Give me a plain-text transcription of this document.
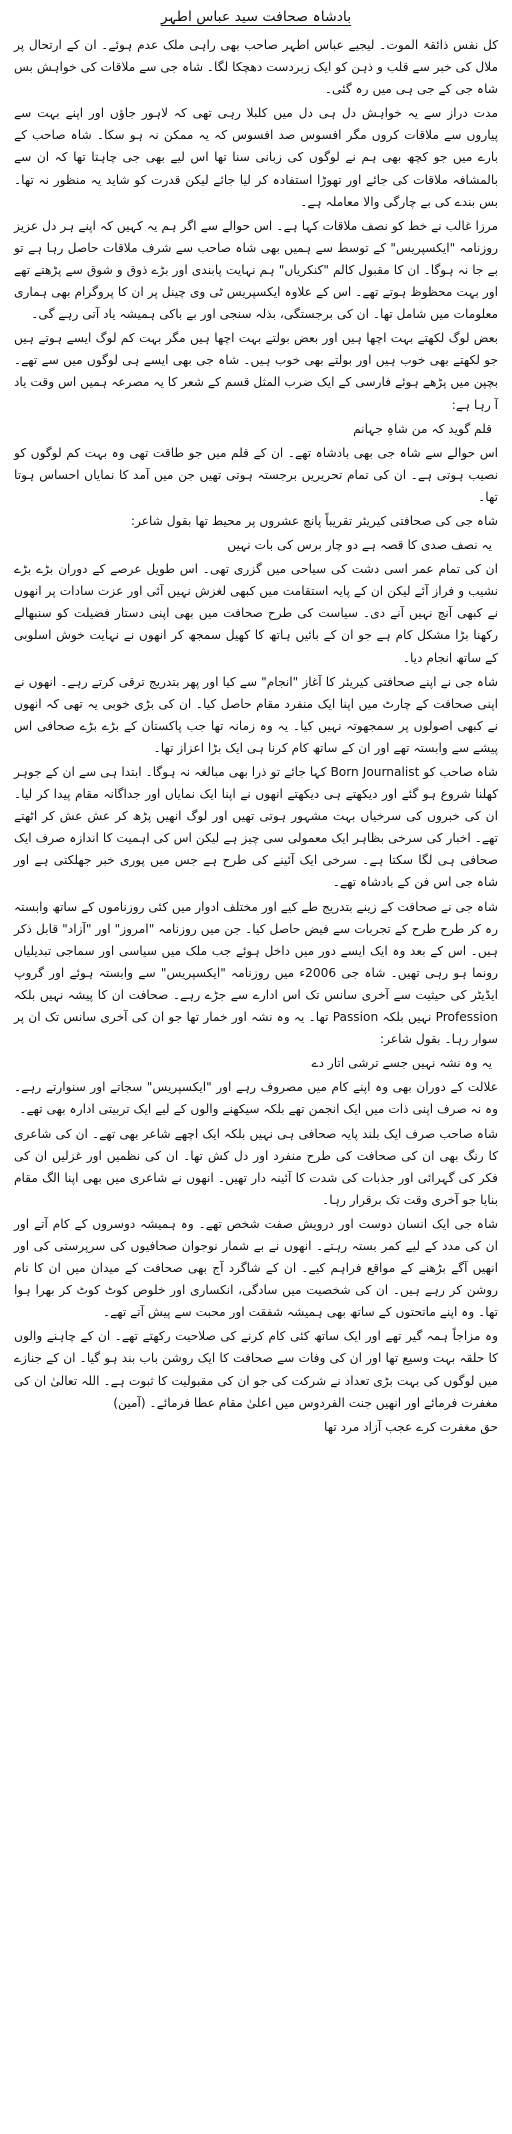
بادشاہ صحافت سید عباس اطہر

کل نفس ذائقۃ الموت۔ لیجیے عباس اطہر صاحب بھی راہی ملک عدم ہوئے۔ ان کے ارتحال پر ملال کی خبر سے قلب و ذہن کو ایک زبردست دھچکا لگا۔ شاہ جی سے ملاقات کی خواہش بس شاہ جی کے جی ہی میں رہ گئی۔

مدت دراز سے یہ خواہش دل ہی دل میں کلبلا رہی تھی کہ لاہور جاؤں اور اپنے بہت سے پیاروں سے ملاقات کروں مگر افسوس صد افسوس کہ یہ ممکن نہ ہو سکا۔ شاہ صاحب کے بارے میں جو کچھ بھی ہم نے لوگوں کی زبانی سنا تھا اس لیے بھی جی چاہتا تھا کہ ان سے بالمشافہ ملاقات کی جائے اور تھوڑا استفادہ کر لیا جائے لیکن قدرت کو شاید یہ منظور نہ تھا۔ بس بندے کی بے چارگی والا معاملہ ہے۔

مرزا غالب نے خط کو نصف ملاقات کہا ہے۔ اس حوالے سے اگر ہم یہ کہیں کہ اپنے ہر دل عزیز روزنامہ "ایکسپریس" کے توسط سے ہمیں بھی شاہ صاحب سے شرف ملاقات حاصل رہا ہے تو بے جا نہ ہوگا۔ ان کا مقبول کالم "کنکریاں" ہم نہایت پابندی اور بڑے ذوق و شوق سے پڑھتے تھے اور بہت محظوظ ہوتے تھے۔ اس کے علاوہ ایکسپریس ٹی وی چینل پر ان کا پروگرام بھی ہماری معلومات میں شامل تھا۔ ان کی برجستگی، بذلہ سنجی اور بے باکی ہمیشہ یاد آتی رہے گی۔

بعض لوگ لکھتے بہت اچھا ہیں اور بعض بولتے بہت اچھا ہیں مگر بہت کم لوگ ایسے ہوتے ہیں جو لکھتے بھی خوب ہیں اور بولتے بھی خوب ہیں۔ شاہ جی بھی ایسے ہی لوگوں میں سے تھے۔ بچپن میں پڑھے ہوئے فارسی کے ایک ضرب المثل قسم کے شعر کا یہ مصرعہ ہمیں اس وقت یاد آ رہا ہے:

قلم گوید کہ من شاہِ جہانم

اس حوالے سے شاہ جی بھی بادشاہ تھے۔ ان کے قلم میں جو طاقت تھی وہ بہت کم لوگوں کو نصیب ہوتی ہے۔ ان کی تمام تحریریں برجستہ ہوتی تھیں جن میں آمد کا نمایاں احساس ہوتا تھا۔

شاہ جی کی صحافتی کیریئر تقریباً پانچ عشروں پر محیط تھا بقول شاعر:

یہ نصف صدی کا قصہ ہے دو چار برس کی بات نہیں

ان کی تمام عمر اسی دشت کی سیاحی میں گزری تھی۔ اس طویل عرصے کے دوران بڑے بڑے نشیب و فراز آئے لیکن ان کے پایہ استقامت میں کبھی لغزش نہیں آئی اور عزت سادات پر انھوں نے کبھی آنچ نہیں آنے دی۔ سیاست کی طرح صحافت میں بھی اپنی دستار فضیلت کو سنبھالے رکھنا بڑا مشکل کام ہے جو ان کے بائیں ہاتھ کا کھیل سمجھ کر انھوں نے نہایت خوش اسلوبی کے ساتھ انجام دیا۔

شاہ جی نے اپنے صحافتی کیریئر کا آغاز "انجام" سے کیا اور پھر بتدریج ترقی کرتے رہے۔ انھوں نے اپنی صحافت کے چارٹ میں اپنا ایک منفرد مقام حاصل کیا۔ ان کی بڑی خوبی یہ تھی کہ انھوں نے کبھی اصولوں پر سمجھوتہ نہیں کیا۔ یہ وہ زمانہ تھا جب پاکستان کے بڑے بڑے صحافی اس پیشے سے وابستہ تھے اور ان کے ساتھ کام کرنا ہی ایک بڑا اعزاز تھا۔

شاہ صاحب کو Born Journalist کہا جائے تو ذرا بھی مبالغہ نہ ہوگا۔ ابتدا ہی سے ان کے جوہر کھلنا شروع ہو گئے اور دیکھتے ہی دیکھتے انھوں نے اپنا ایک نمایاں اور جداگانہ مقام پیدا کر لیا۔ ان کی خبروں کی سرخیاں بہت مشہور ہوتی تھیں اور لوگ انھیں پڑھ کر عش عش کر اٹھتے تھے۔ اخبار کی سرخی بظاہر ایک معمولی سی چیز ہے لیکن اس کی اہمیت کا اندازہ صرف ایک صحافی ہی لگا سکتا ہے۔ سرخی ایک آئینے کی طرح ہے جس میں پوری خبر جھلکتی ہے اور شاہ جی اس فن کے بادشاہ تھے۔

شاہ جی نے صحافت کے زینے بتدریج طے کیے اور مختلف ادوار میں کئی روزناموں کے ساتھ وابستہ رہ کر طرح طرح کے تجربات سے فیض حاصل کیا۔ جن میں روزنامہ "امروز" اور "آزاد" قابل ذکر ہیں۔ اس کے بعد وہ ایک ایسے دور میں داخل ہوئے جب ملک میں سیاسی اور سماجی تبدیلیاں رونما ہو رہی تھیں۔ شاہ جی 2006ء میں روزنامہ "ایکسپریس" سے وابستہ ہوئے اور گروپ ایڈیٹر کی حیثیت سے آخری سانس تک اس ادارے سے جڑے رہے۔ صحافت ان کا پیشہ نہیں بلکہ Profession نہیں بلکہ Passion تھا۔ یہ وہ نشہ اور خمار تھا جو ان کی آخری سانس تک ان پر سوار رہا۔ بقول شاعر:

یہ وہ نشہ نہیں جسے ترشی اتار دے

علالت کے دوران بھی وہ اپنے کام میں مصروف رہے اور "ایکسپریس" سجاتے اور سنوارتے رہے۔ وہ نہ صرف اپنی ذات میں ایک انجمن تھے بلکہ سیکھنے والوں کے لیے ایک تربیتی ادارہ بھی تھے۔

شاہ صاحب صرف ایک بلند پایہ صحافی ہی نہیں بلکہ ایک اچھے شاعر بھی تھے۔ ان کی شاعری کا رنگ بھی ان کی صحافت کی طرح منفرد اور دل کش تھا۔ ان کی نظمیں اور غزلیں ان کی فکر کی گہرائی اور جذبات کی شدت کا آئینہ دار تھیں۔ انھوں نے شاعری میں بھی اپنا الگ مقام بنایا جو آخری وقت تک برقرار رہا۔

شاہ جی ایک انسان دوست اور درویش صفت شخص تھے۔ وہ ہمیشہ دوسروں کے کام آتے اور ان کی مدد کے لیے کمر بستہ رہتے۔ انھوں نے بے شمار نوجوان صحافیوں کی سرپرستی کی اور انھیں آگے بڑھنے کے مواقع فراہم کیے۔ ان کے شاگرد آج بھی صحافت کے میدان میں ان کا نام روشن کر رہے ہیں۔ ان کی شخصیت میں سادگی، انکساری اور خلوص کوٹ کوٹ کر بھرا ہوا تھا۔ وہ اپنے ماتحتوں کے ساتھ بھی ہمیشہ شفقت اور محبت سے پیش آتے تھے۔

وہ مزاجاً ہمہ گیر تھے اور ایک ساتھ کئی کام کرنے کی صلاحیت رکھتے تھے۔ ان کے چاہنے والوں کا حلقہ بہت وسیع تھا اور ان کی وفات سے صحافت کا ایک روشن باب بند ہو گیا۔ ان کے جنازے میں لوگوں کی بہت بڑی تعداد نے شرکت کی جو ان کی مقبولیت کا ثبوت ہے۔ اللہ تعالیٰ ان کی مغفرت فرمائے اور انھیں جنت الفردوس میں اعلیٰ مقام عطا فرمائے۔ (آمین)

حق مغفرت کرے عجب آزاد مرد تھا
